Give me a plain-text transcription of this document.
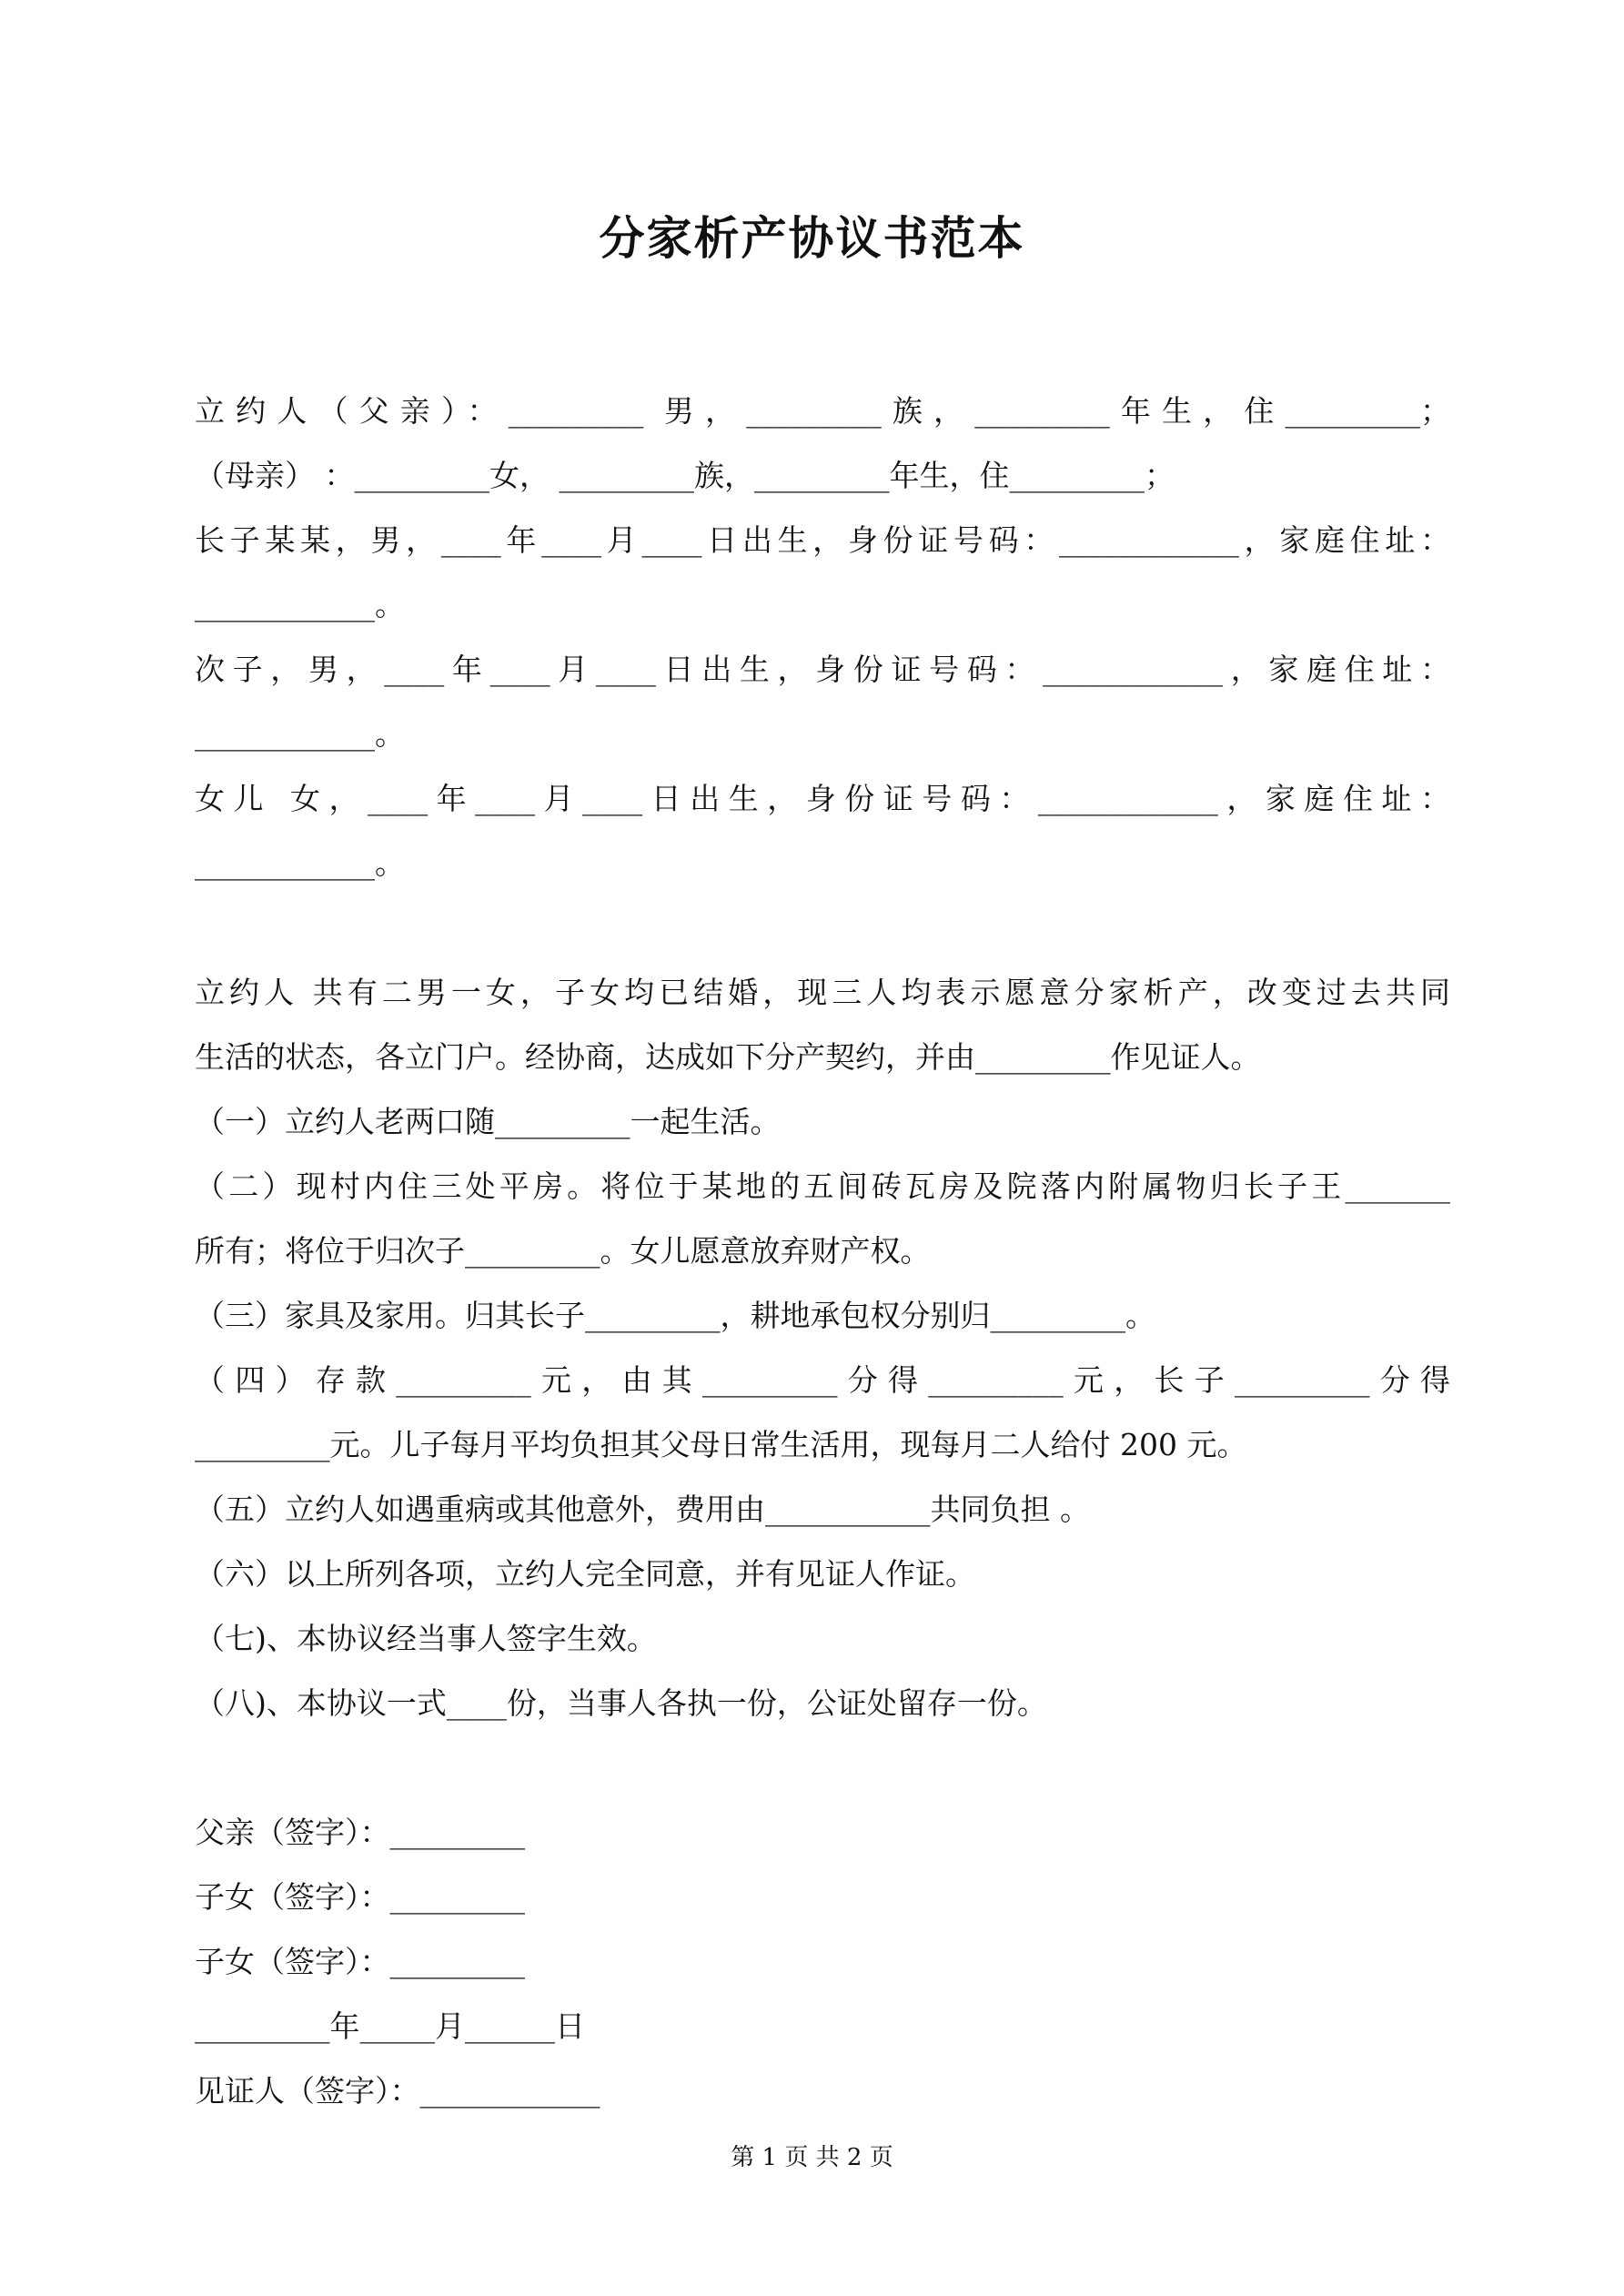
分家析产协议书范本
立约人（父亲）：_________ 男，_________族，_________年生，住_________；
（母亲） ：_________女， _________族，_________年生，住_________；
长子某某，男，____年____月____日出生，身份证号码：____________，家庭住址：
____________。
次子，男，____年____月____日出生，身份证号码：____________，家庭住址：
____________。
女儿 女，____年____月____日出生，身份证号码：____________，家庭住址：
____________。
立约人 共有二男一女，子女均已结婚，现三人均表示愿意分家析产，改变过去共同
生活的状态，各立门户。经协商，达成如下分产契约，并由_________作见证人。
（一）立约人老两口随_________一起生活。
（二）现村内住三处平房。将位于某地的五间砖瓦房及院落内附属物归长子王_______
所有；将位于归次子_________。女儿愿意放弃财产权。
（三）家具及家用。归其长子_________，耕地承包权分别归_________。
（四）存款_________元，由其_________分得_________元，长子_________分得
_________元。儿子每月平均负担其父母日常生活用，现每月二人给付 200 元。
（五）立约人如遇重病或其他意外，费用由___________共同负担 。
（六）以上所列各项，立约人完全同意，并有见证人作证。
（七)、本协议经当事人签字生效。
（八)、本协议一式____份，当事人各执一份，公证处留存一份。
父亲（签字）：_________
子女（签字）：_________
子女（签字）：_________
_________年_____月______日
见证人（签字）：____________
第 1 页 共 2 页
